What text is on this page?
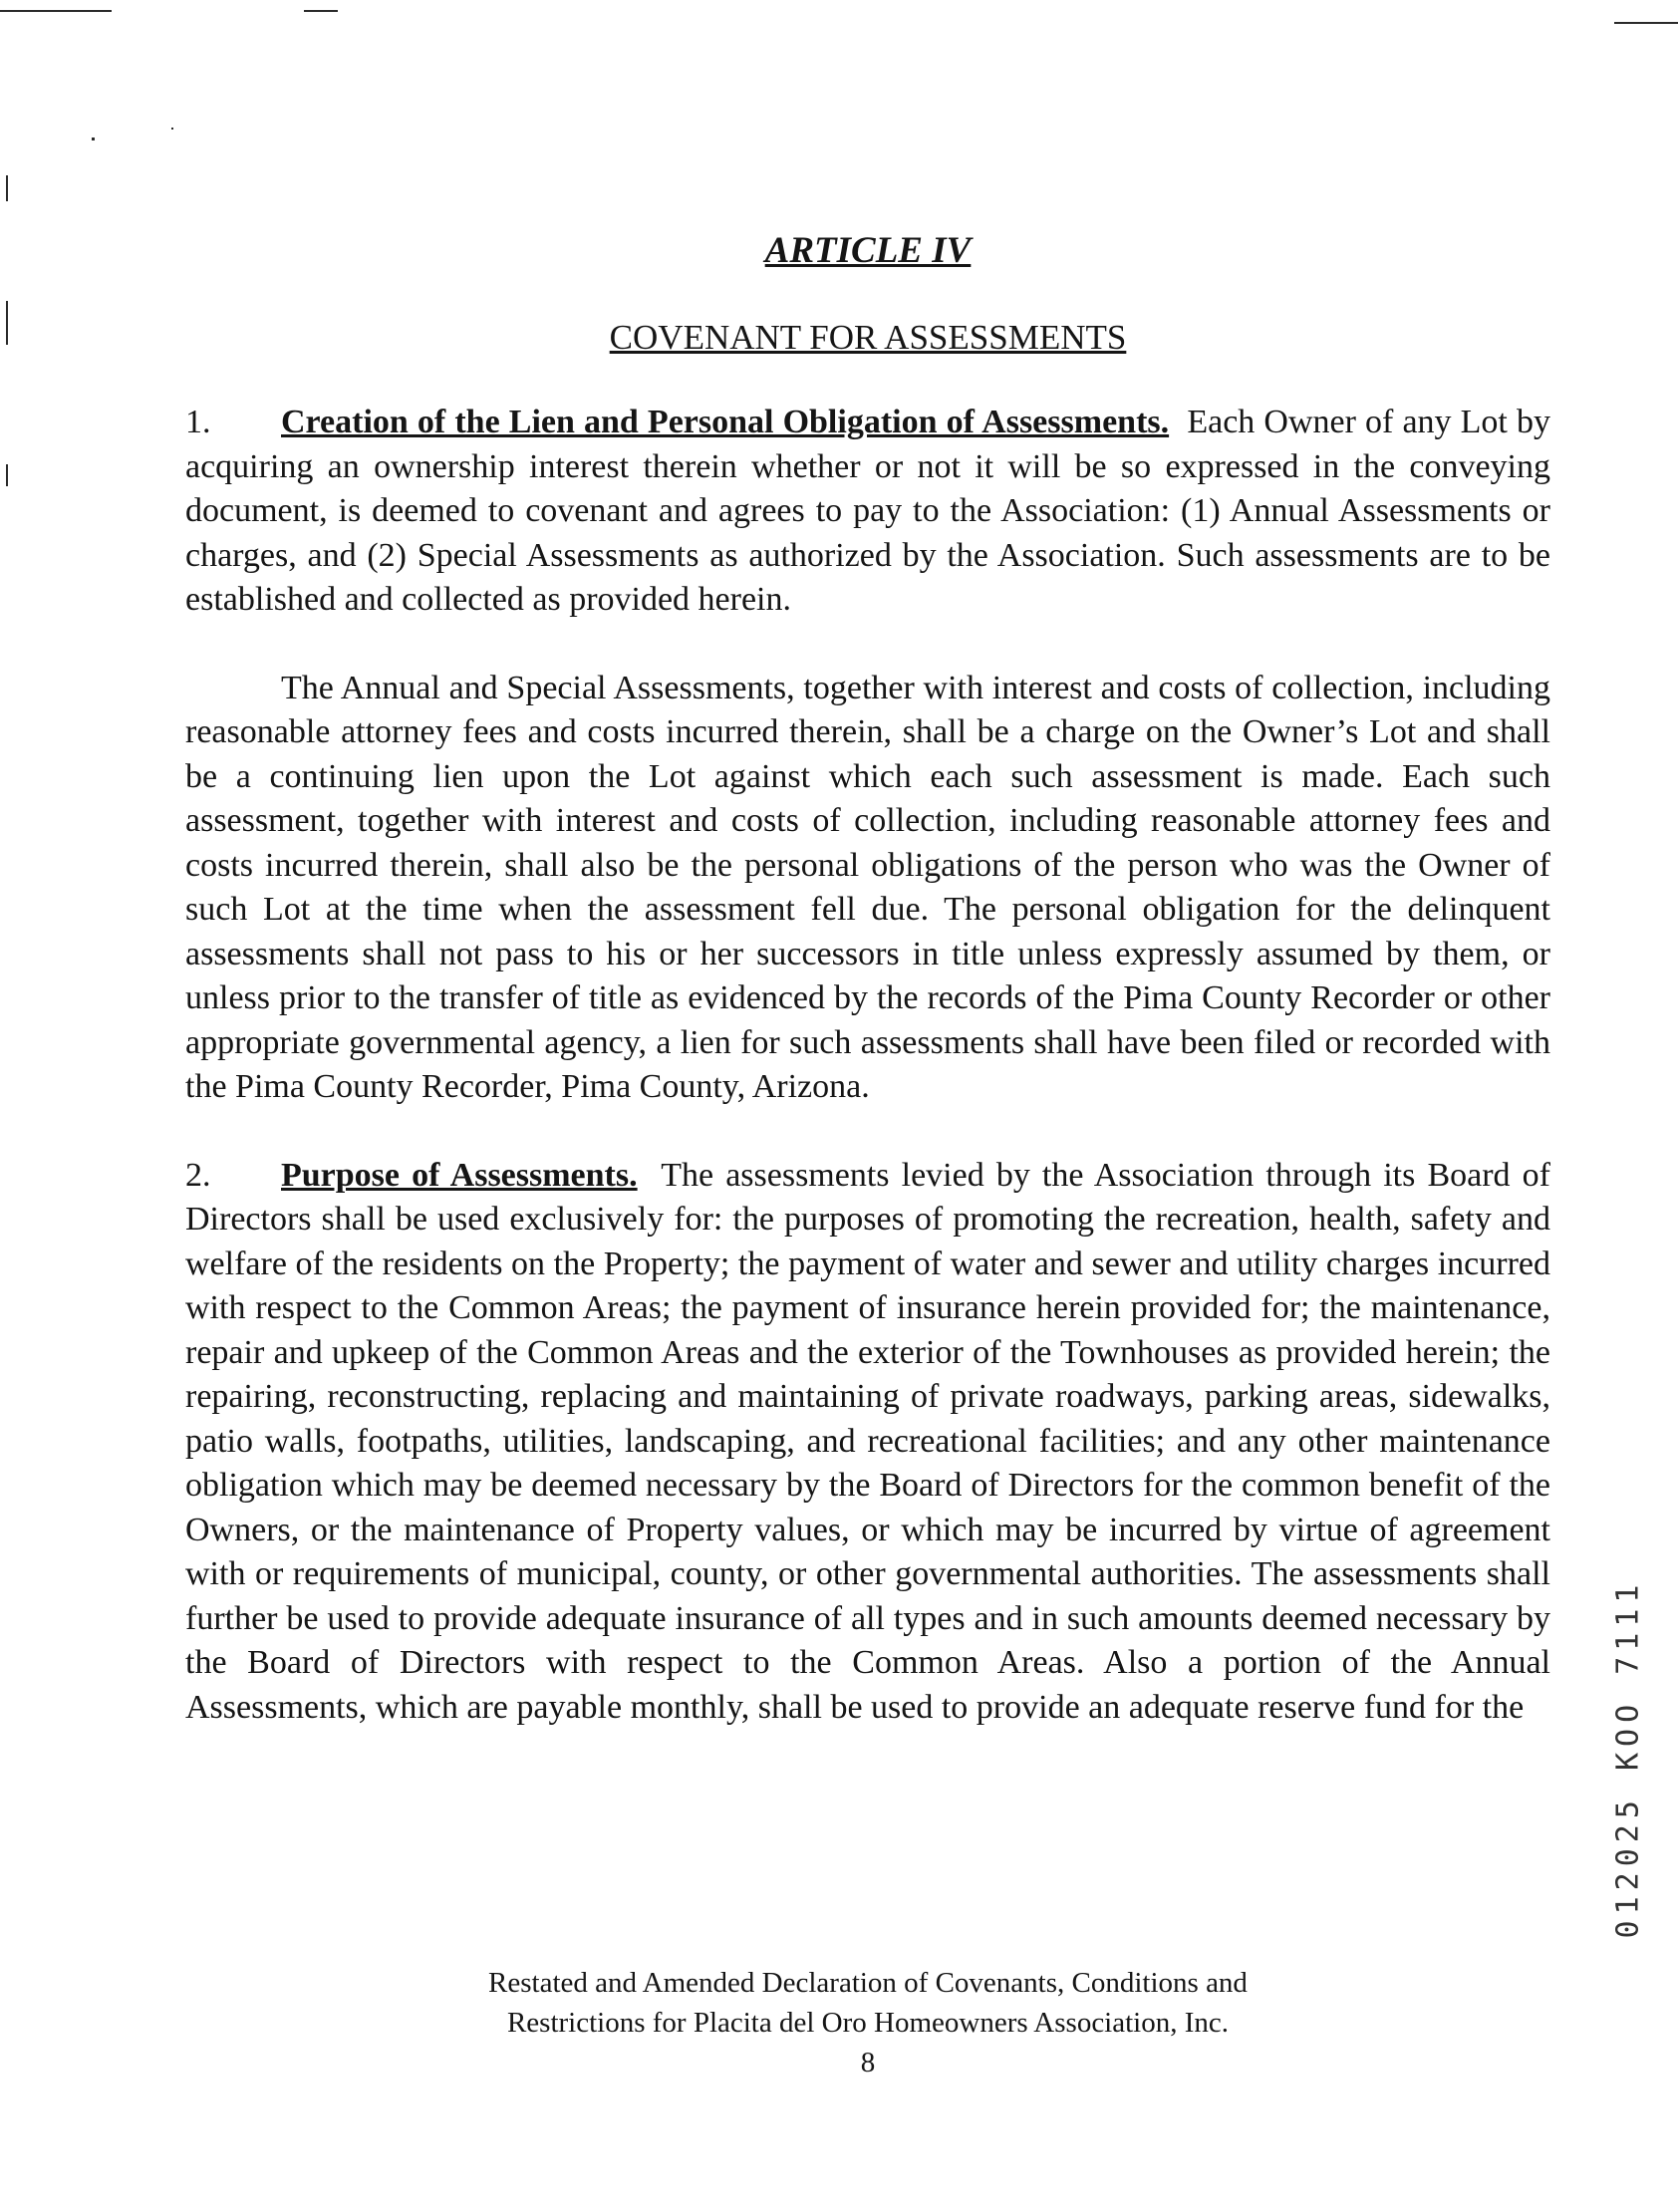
ARTICLE IV
COVENANT FOR ASSESSMENTS

1. Creation of the Lien and Personal Obligation of Assessments. Each Owner of any Lot by acquiring an ownership interest therein whether or not it will be so expressed in the conveying document, is deemed to covenant and agrees to pay to the Association: (1) Annual Assessments or charges, and (2) Special Assessments as authorized by the Association. Such assessments are to be established and collected as provided herein.

The Annual and Special Assessments, together with interest and costs of collection, including reasonable attorney fees and costs incurred therein, shall be a charge on the Owner’s Lot and shall be a continuing lien upon the Lot against which each such assessment is made. Each such assessment, together with interest and costs of collection, including reasonable attorney fees and costs incurred therein, shall also be the personal obligations of the person who was the Owner of such Lot at the time when the assessment fell due. The personal obligation for the delinquent assessments shall not pass to his or her successors in title unless expressly assumed by them, or unless prior to the transfer of title as evidenced by the records of the Pima County Recorder or other appropriate governmental agency, a lien for such assessments shall have been filed or recorded with the Pima County Recorder, Pima County, Arizona.

2. Purpose of Assessments. The assessments levied by the Association through its Board of Directors shall be used exclusively for: the purposes of promoting the recreation, health, safety and welfare of the residents on the Property; the payment of water and sewer and utility charges incurred with respect to the Common Areas; the payment of insurance herein provided for; the maintenance, repair and upkeep of the Common Areas and the exterior of the Townhouses as provided herein; the repairing, reconstructing, replacing and maintaining of private roadways, parking areas, sidewalks, patio walls, footpaths, utilities, landscaping, and recreational facilities; and any other maintenance obligation which may be deemed necessary by the Board of Directors for the common benefit of the Owners, or the maintenance of Property values, or which may be incurred by virtue of agreement with or requirements of municipal, county, or other governmental authorities. The assessments shall further be used to provide adequate insurance of all types and in such amounts deemed necessary by the Board of Directors with respect to the Common Areas. Also a portion of the Annual Assessments, which are payable monthly, shall be used to provide an adequate reserve fund for the

Restated and Amended Declaration of Covenants, Conditions and
Restrictions for Placita del Oro Homeowners Association, Inc.
8
012025 KOO 7111
